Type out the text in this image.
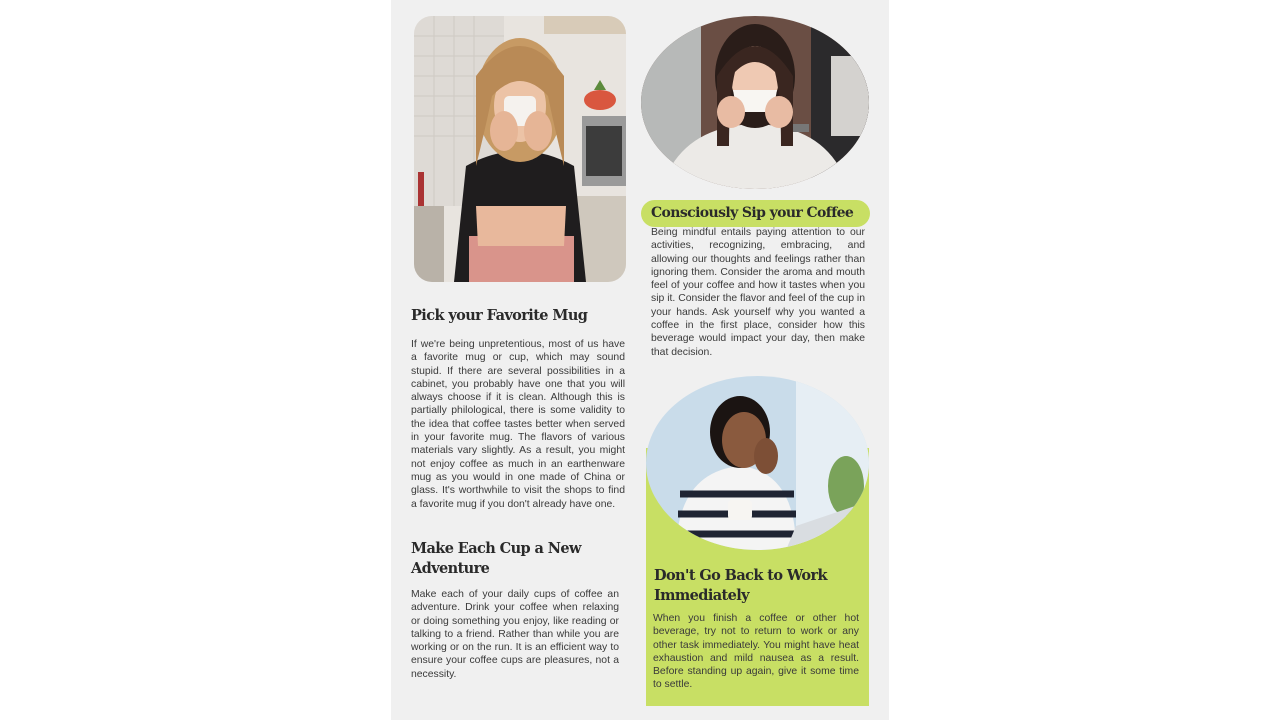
Pick your Favorite Mug

If we're being unpretentious, most of us have a favorite mug or cup, which may sound stupid. If there are several possibilities in a cabinet, you probably have one that you will always choose if it is clean. Although this is partially philological, there is some validity to the idea that coffee tastes better when served in your favorite mug. The flavors of various materials vary slightly. As a result, you might not enjoy coffee as much in an earthenware mug as you would in one made of China or glass. It's worthwhile to visit the shops to find a favorite mug if you don't already have one.

Make Each Cup a New Adventure

Make each of your daily cups of coffee an adventure. Drink your coffee when relaxing or doing something you enjoy, like reading or talking to a friend. Rather than while you are working or on the run. It is an efficient way to ensure your coffee cups are pleasures, not a necessity.

Consciously Sip your Coffee

Being mindful entails paying attention to our activities, recognizing, embracing, and allowing our thoughts and feelings rather than ignoring them. Consider the aroma and mouth feel of your coffee and how it tastes when you sip it. Consider the flavor and feel of the cup in your hands. Ask yourself why you wanted a coffee in the first place, consider how this beverage would impact your day, then make that decision.

Don't Go Back to Work Immediately

When you finish a coffee or other hot beverage, try not to return to work or any other task immediately. You might have heat exhaustion and mild nausea as a result. Before standing up again, give it some time to settle.
